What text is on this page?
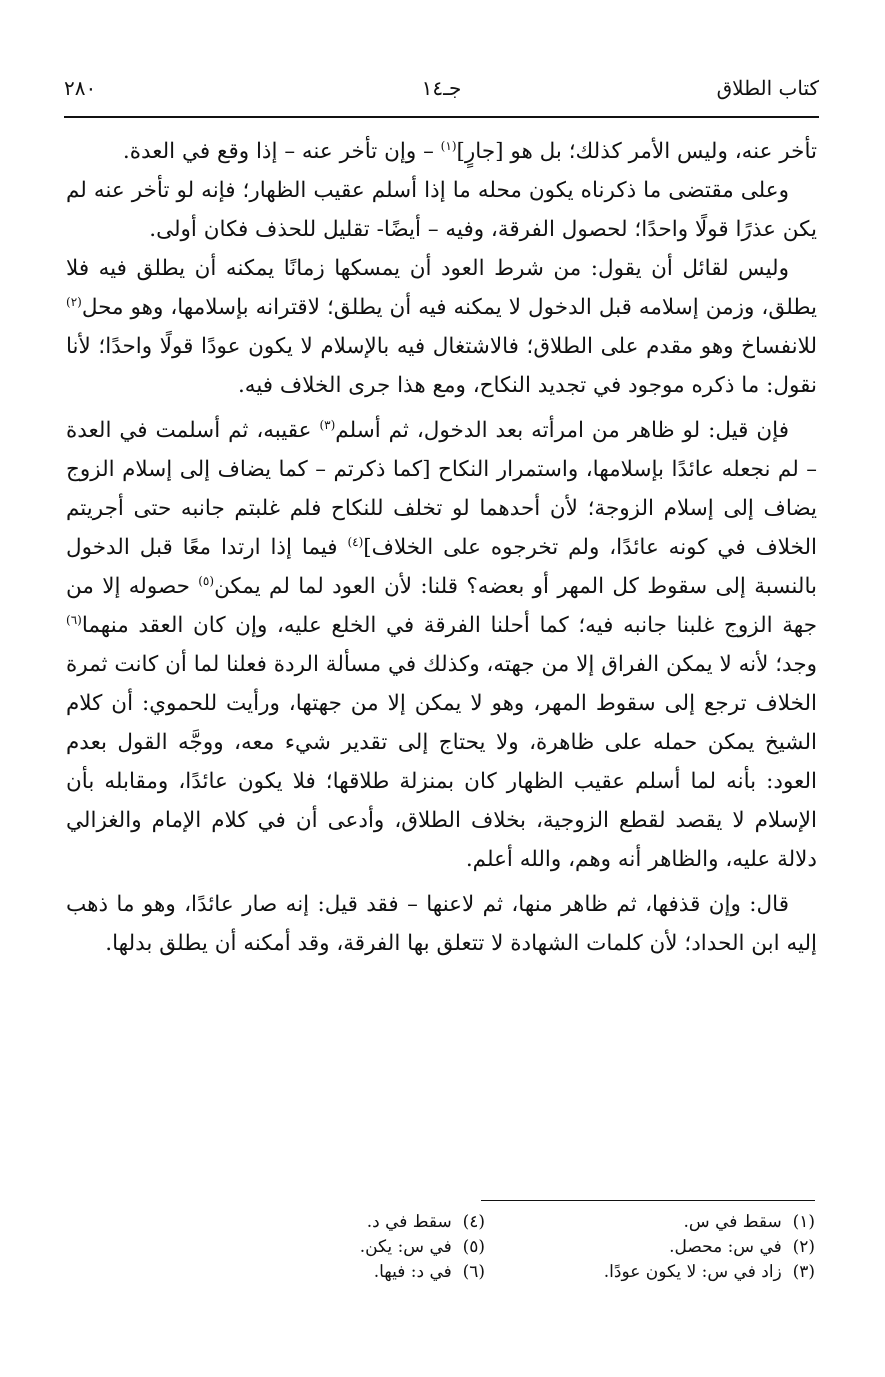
كتاب الطلاق
جـ١٤
٢٨٠

تأخر عنه، وليس الأمر كذلك؛ بل هو [جارٍ]$^{(١)}$ – وإن تأخر عنه – إذا وقع في العدة.

وعلى مقتضى ما ذكرناه يكون محله ما إذا أسلم عقيب الظهار؛ فإنه لو تأخر عنه لم يكن عذرًا قولًا واحدًا؛ لحصول الفرقة، وفيه – أيضًا- تقليل للحذف فكان أولى.

وليس لقائل أن يقول: من شرط العود أن يمسكها زمانًا يمكنه أن يطلق فيه فلا يطلق، وزمن إسلامه قبل الدخول لا يمكنه فيه أن يطلق؛ لاقترانه بإسلامها، وهو محل$^{(٢)}$ للانفساخ وهو مقدم على الطلاق؛ فالاشتغال فيه بالإسلام لا يكون عودًا قولًا واحدًا؛ لأنا نقول: ما ذكره موجود في تجديد النكاح، ومع هذا جرى الخلاف فيه.

فإن قيل: لو ظاهر من امرأته بعد الدخول، ثم أسلم$^{(٣)}$ عقيبه، ثم أسلمت في العدة – لم نجعله عائدًا بإسلامها، واستمرار النكاح [كما ذكرتم – كما يضاف إلى إسلام الزوج يضاف إلى إسلام الزوجة؛ لأن أحدهما لو تخلف للنكاح فلم غلبتم جانبه حتى أجريتم الخلاف في كونه عائدًا، ولم تخرجوه على الخلاف]$^{(٤)}$ فيما إذا ارتدا معًا قبل الدخول بالنسبة إلى سقوط كل المهر أو بعضه؟ قلنا: لأن العود لما لم يمكن$^{(٥)}$ حصوله إلا من جهة الزوج غلبنا جانبه فيه؛ كما أحلنا الفرقة في الخلع عليه، وإن كان العقد منهما$^{(٦)}$ وجد؛ لأنه لا يمكن الفراق إلا من جهته، وكذلك في مسألة الردة فعلنا لما أن كانت ثمرة الخلاف ترجع إلى سقوط المهر، وهو لا يمكن إلا من جهتها، ورأيت للحموي: أن كلام الشيخ يمكن حمله على ظاهرة، ولا يحتاج إلى تقدير شيء معه، ووجَّه القول بعدم العود: بأنه لما أسلم عقيب الظهار كان بمنزلة طلاقها؛ فلا يكون عائدًا، ومقابله بأن الإسلام لا يقصد لقطع الزوجية، بخلاف الطلاق، وأدعى أن في كلام الإمام والغزالي دلالة عليه، والظاهر أنه وهم، والله أعلم.

قال: وإن قذفها، ثم ظاهر منها، ثم لاعنها – فقد قيل: إنه صار عائدًا، وهو ما ذهب إليه ابن الحداد؛ لأن كلمات الشهادة لا تتعلق بها الفرقة، وقد أمكنه أن يطلق بدلها.

(١)  سقط في س.
(٢)  في س: محصل.
(٣)  زاد في س: لا يكون عودًا.
(٤)  سقط في د.
(٥)  في س: يكن.
(٦)  في د: فيها.
